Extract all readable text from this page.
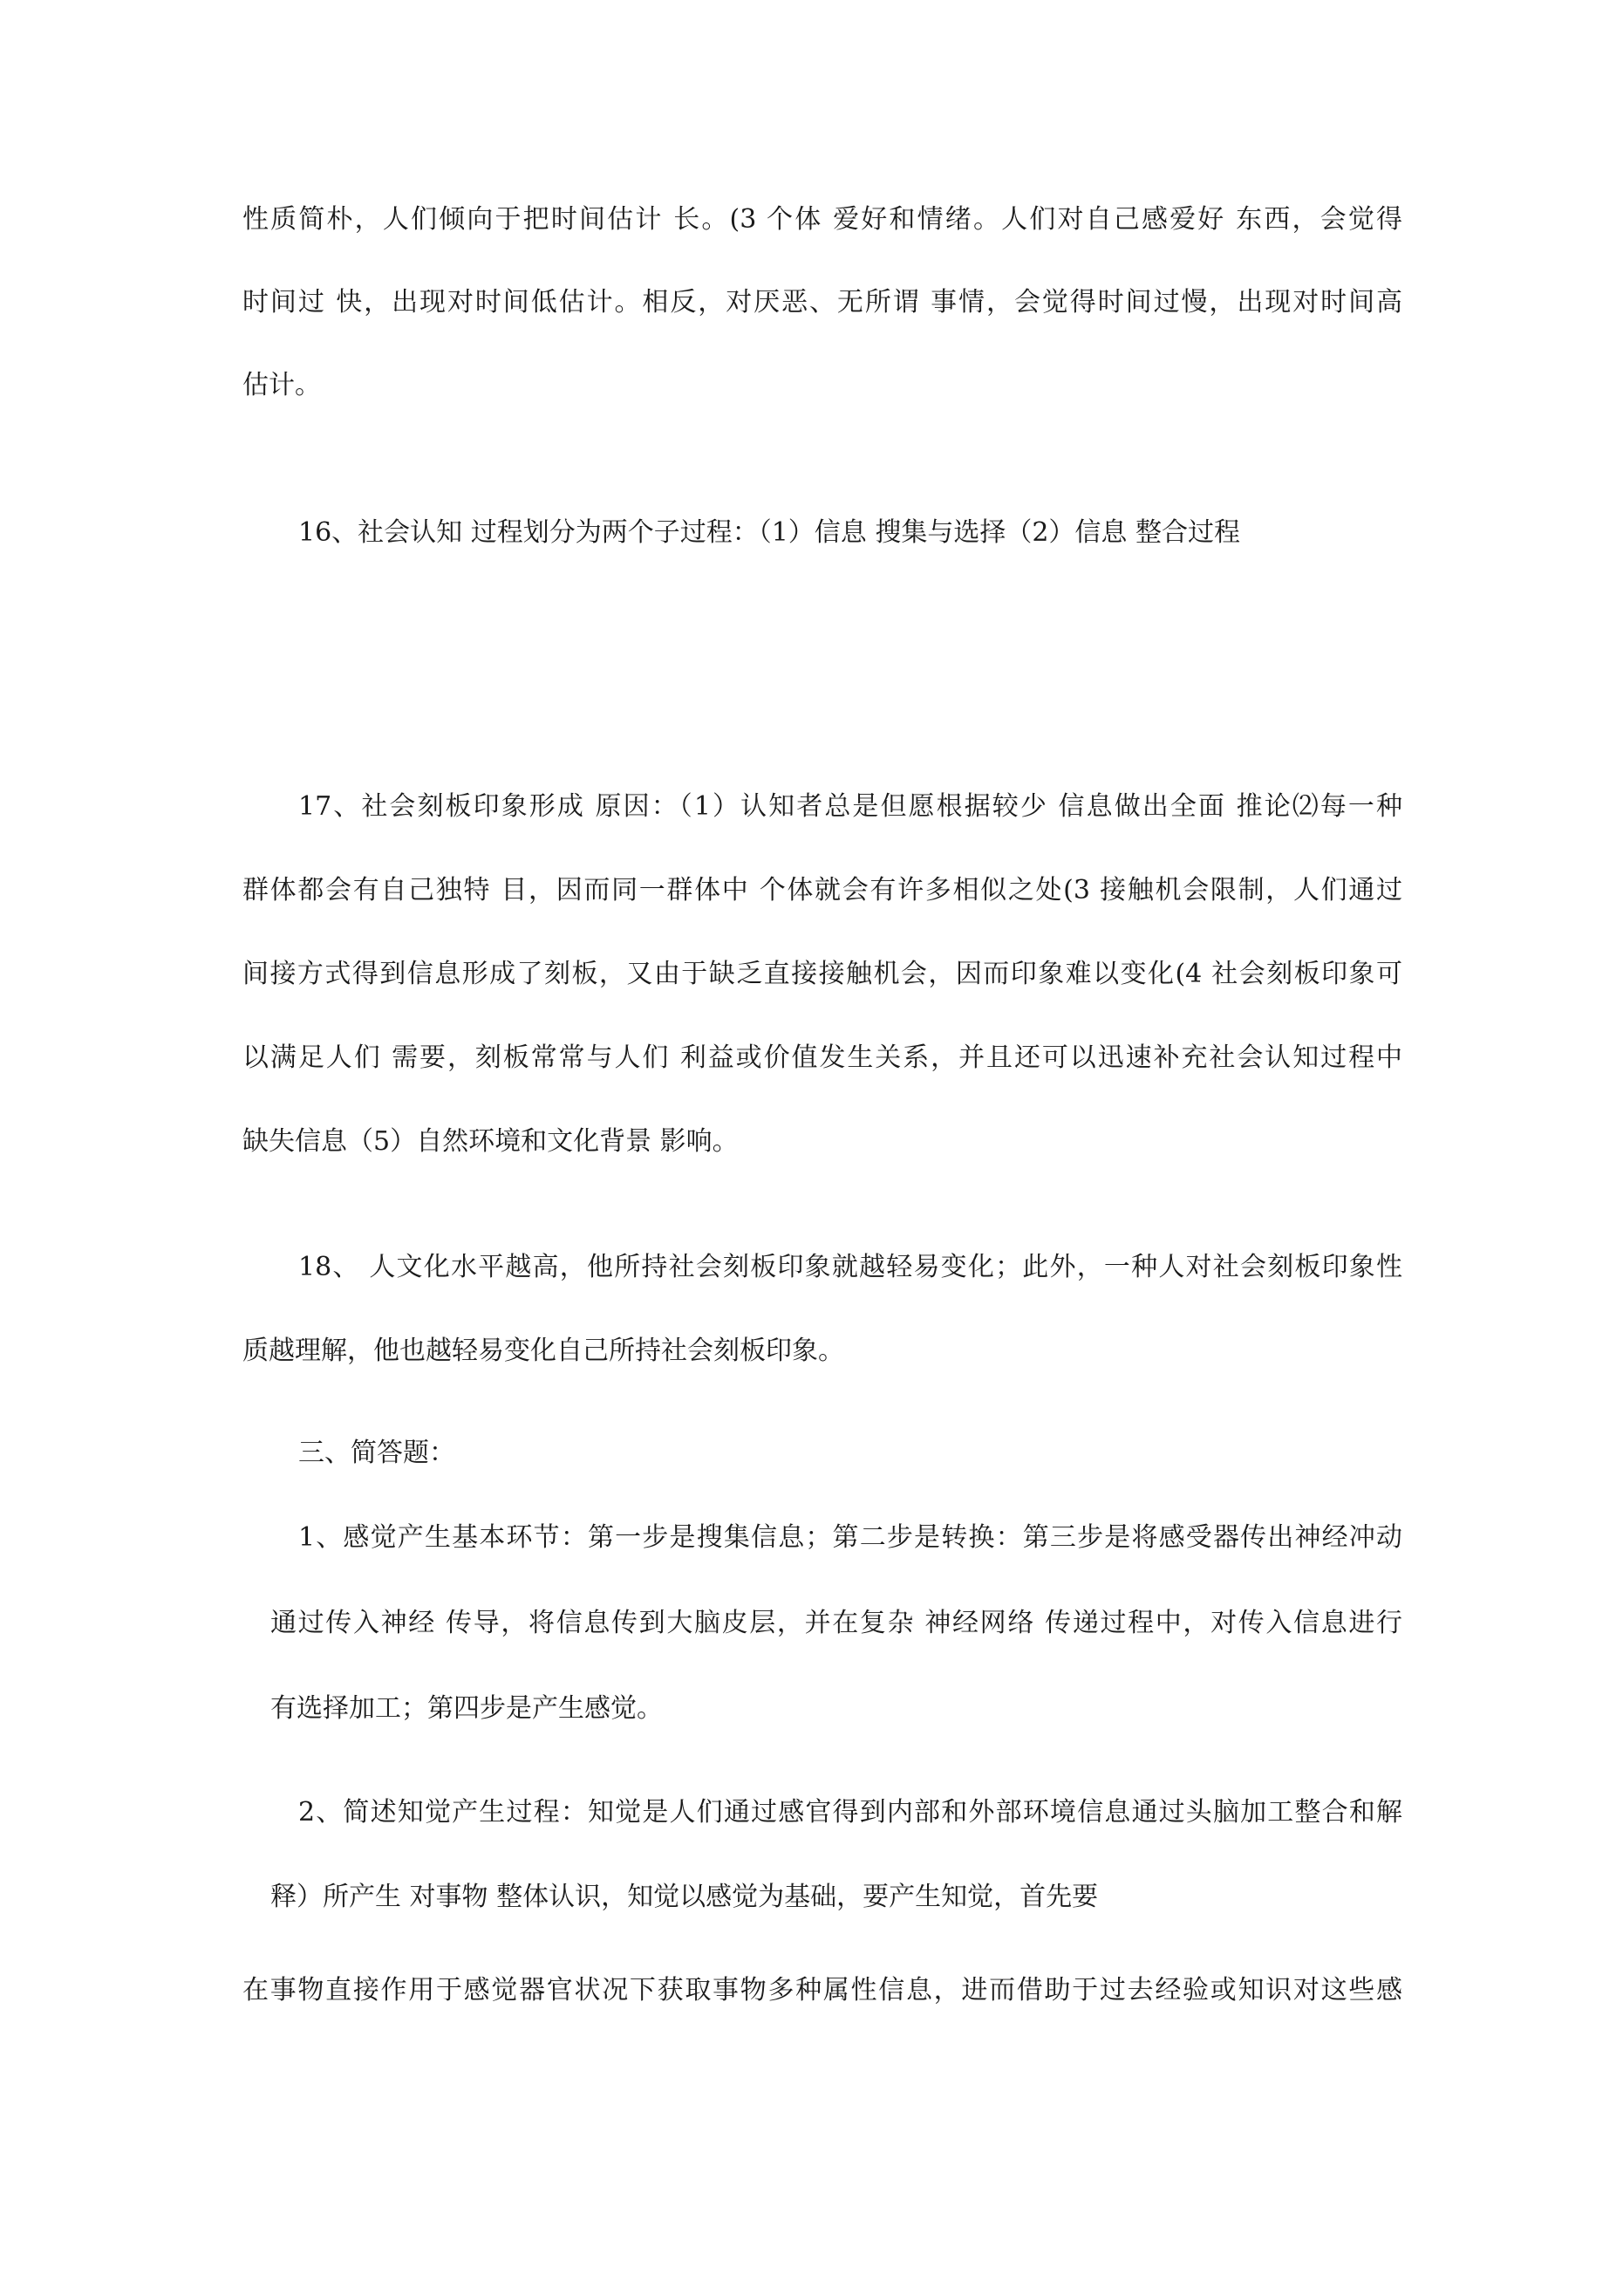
性质简朴，人们倾向于把时间估计 长。(3 个体 爱好和情绪。人们对自己感爱好 东西，会觉得
时间过 快，出现对时间低估计。相反，对厌恶、无所谓 事情，会觉得时间过慢，出现对时间高
估计。
16、社会认知 过程划分为两个子过程：（1）信息 搜集与选择（2）信息 整合过程
17、社会刻板印象形成 原因：（1）认知者总是但愿根据较少 信息做出全面 推论⑵每一种
群体都会有自己独特 目，因而同一群体中 个体就会有许多相似之处(3 接触机会限制，人们通过
间接方式得到信息形成了刻板，又由于缺乏直接接触机会，因而印象难以变化(4 社会刻板印象可
以满足人们 需要，刻板常常与人们 利益或价值发生关系，并且还可以迅速补充社会认知过程中
缺失信息（5）自然环境和文化背景 影响。
18、 人文化水平越高，他所持社会刻板印象就越轻易变化；此外，一种人对社会刻板印象性
质越理解，他也越轻易变化自己所持社会刻板印象。
三、简答题：
1、感觉产生基本环节：第一步是搜集信息；第二步是转换：第三步是将感受器传出神经冲动
通过传入神经 传导，将信息传到大脑皮层，并在复杂 神经网络 传递过程中，对传入信息进行
有选择加工；第四步是产生感觉。
2、简述知觉产生过程：知觉是人们通过感官得到内部和外部环境信息通过头脑加工整合和解
释）所产生 对事物 整体认识，知觉以感觉为基础，要产生知觉，首先要
在事物直接作用于感觉器官状况下获取事物多种属性信息，进而借助于过去经验或知识对这些感
